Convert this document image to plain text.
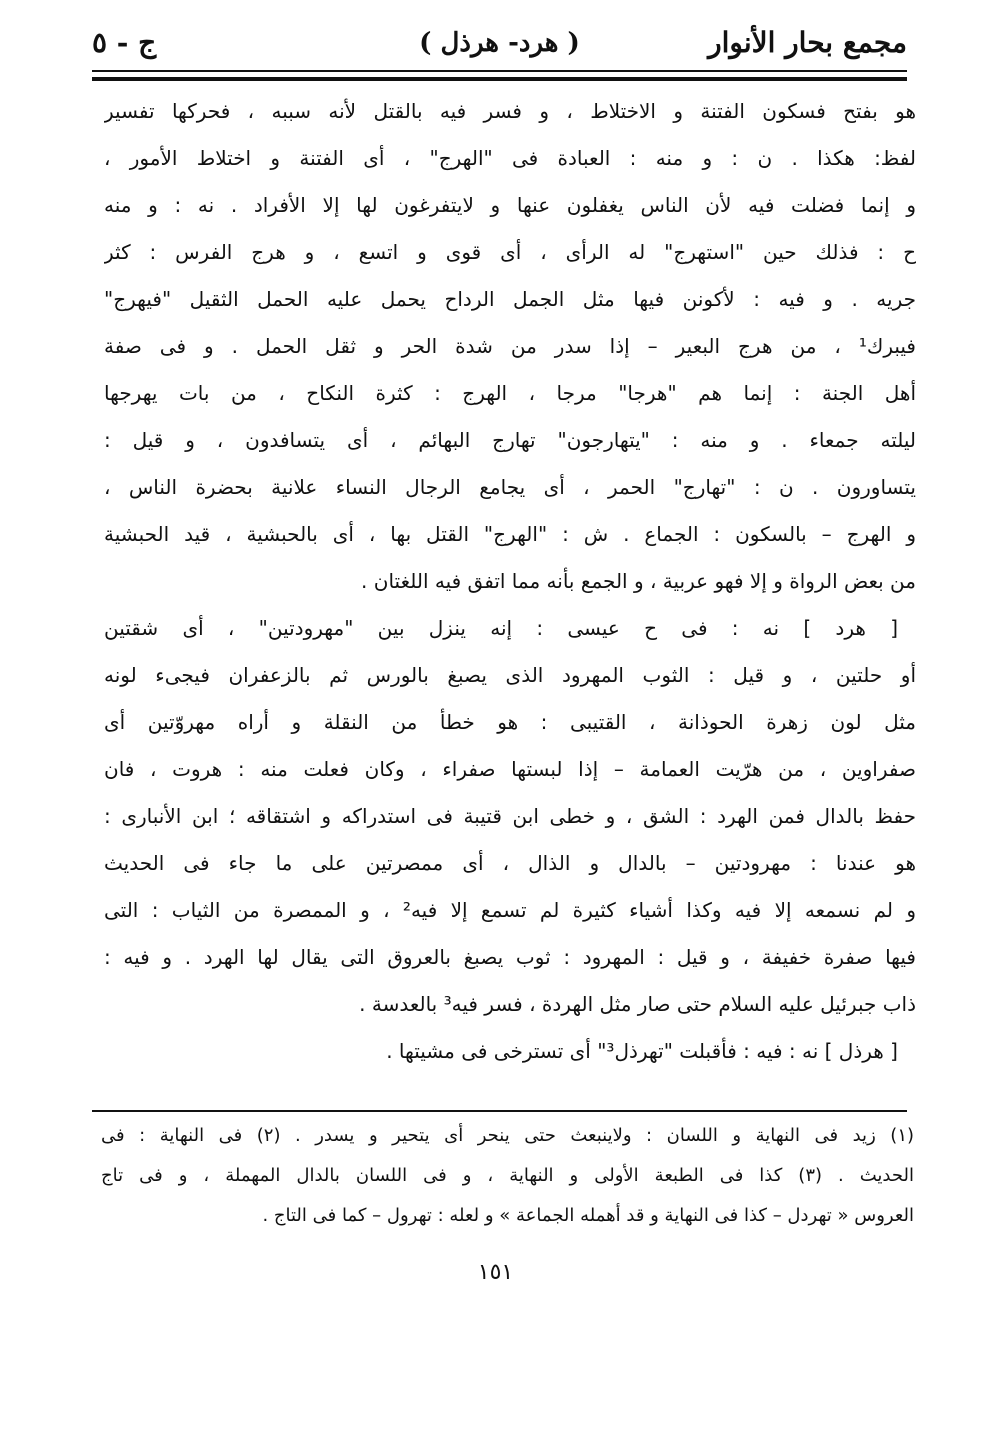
مجمع بحار الأنوار
( هرد- هرذل )
ج - ٥
هو بفتح فسكون الفتنة و الاختلاط ، و فسر فيه بالقتل لأنه سببه ، فحركها تفسير
لفظ: هكذا . ن : و منه : العبادة فى "الهرج" ، أى الفتنة و اختلاط الأمور ،
و إنما فضلت فيه لأن الناس يغفلون عنها و لايتفرغون لها إلا الأفراد . نه : و منه
ح : فذلك حين "استهرج" له الرأى ، أى قوى و اتسع ، و هرج الفرس : كثر
جريه . و فيه : لأكونن فيها مثل الجمل الرداح يحمل عليه الحمل الثقيل "فيهرج"
فيبرك¹ ، من هرج البعير – إذا سدر من شدة الحر و ثقل الحمل . و فى صفة
أهل الجنة : إنما هم "هرجا" مرجا ، الهرج : كثرة النكاح ، من بات يهرجها
ليلته جمعاء . و منه : "يتهارجون" تهارج البهائم ، أى يتسافدون ، و قيل :
يتساورون . ن : "تهارج" الحمر ، أى يجامع الرجال النساء علانية بحضرة الناس ،
و الهرج – بالسكون : الجماع . ش : "الهرج" القتل بها ، أى بالحبشية ، قيد الحبشية
من بعض الرواة و إلا فهو عربية ، و الجمع بأنه مما اتفق فيه اللغتان .
[ هرد ] نه : فى ح عيسى : إنه ينزل بين "مهرودتين" ، أى شقتين
أو حلتين ، و قيل : الثوب المهرود الذى يصبغ بالورس ثم بالزعفران فيجىء لونه
مثل لون زهرة الحوذانة ، القتيبى : هو خطأ من النقلة و أراه مهروّتين أى
صفراوين ، من هرّيت العمامة – إذا لبستها صفراء ، وكان فعلت منه : هروت ، فان
حفظ بالدال فمن الهرد : الشق ، و خطى ابن قتيبة فى استدراكه و اشتقاقه ؛ ابن الأنبارى :
هو عندنا : مهرودتين – بالدال و الذال ، أى ممصرتين على ما جاء فى الحديث
و لم نسمعه إلا فيه وكذا أشياء كثيرة لم تسمع إلا فيه² ، و الممصرة من الثياب : التى
فيها صفرة خفيفة ، و قيل : المهرود : ثوب يصبغ بالعروق التى يقال لها الهرد . و فيه :
ذاب جبرئيل عليه السلام حتى صار مثل الهردة ، فسر فيه³ بالعدسة .
[ هرذل ] نه : فيه : فأقبلت "تهرذل³" أى تسترخى فى مشيتها .
(١) زيد فى النهاية و اللسان : ولاينبعث حتى ينحر أى يتحير و يسدر . (٢) فى النهاية : فى
الحديث . (٣) كذا فى الطبعة الأولى و النهاية ، و فى اللسان بالدال المهملة ، و فى تاج
العروس « تهردل – كذا فى النهاية و قد أهمله الجماعة » و لعله : تهرول – كما فى التاج .
١٥١
